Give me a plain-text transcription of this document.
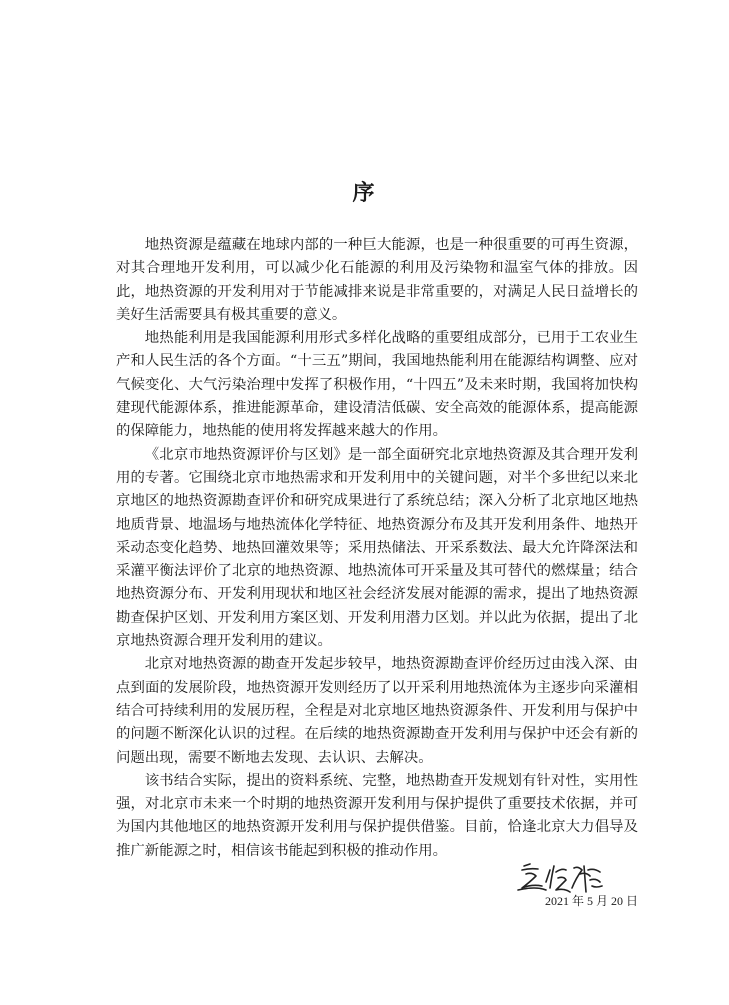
序

地热资源是蕴藏在地球内部的一种巨大能源，也是一种很重要的可再生资源，对其合理地开发利用，可以减少化石能源的利用及污染物和温室气体的排放。因此，地热资源的开发利用对于节能减排来说是非常重要的，对满足人民日益增长的美好生活需要具有极其重要的意义。

地热能利用是我国能源利用形式多样化战略的重要组成部分，已用于工农业生产和人民生活的各个方面。“十三五”期间，我国地热能利用在能源结构调整、应对气候变化、大气污染治理中发挥了积极作用，“十四五”及未来时期，我国将加快构建现代能源体系，推进能源革命，建设清洁低碳、安全高效的能源体系，提高能源的保障能力，地热能的使用将发挥越来越大的作用。

《北京市地热资源评价与区划》是一部全面研究北京地热资源及其合理开发利用的专著。它围绕北京市地热需求和开发利用中的关键问题，对半个多世纪以来北京地区的地热资源勘查评价和研究成果进行了系统总结；深入分析了北京地区地热地质背景、地温场与地热流体化学特征、地热资源分布及其开发利用条件、地热开采动态变化趋势、地热回灌效果等；采用热储法、开采系数法、最大允许降深法和采灌平衡法评价了北京的地热资源、地热流体可开采量及其可替代的燃煤量；结合地热资源分布、开发利用现状和地区社会经济发展对能源的需求，提出了地热资源勘查保护区划、开发利用方案区划、开发利用潜力区划。并以此为依据，提出了北京地热资源合理开发利用的建议。

北京对地热资源的勘查开发起步较早，地热资源勘查评价经历过由浅入深、由点到面的发展阶段，地热资源开发则经历了以开采利用地热流体为主逐步向采灌相结合可持续利用的发展历程，全程是对北京地区地热资源条件、开发利用与保护中的问题不断深化认识的过程。在后续的地热资源勘查开发利用与保护中还会有新的问题出现，需要不断地去发现、去认识、去解决。

该书结合实际，提出的资料系统、完整，地热勘查开发规划有针对性，实用性强，对北京市未来一个时期的地热资源开发利用与保护提供了重要技术依据，并可为国内其他地区的地热资源开发利用与保护提供借鉴。目前，恰逢北京大力倡导及推广新能源之时，相信该书能起到积极的推动作用。

2021 年 5 月 20 日
